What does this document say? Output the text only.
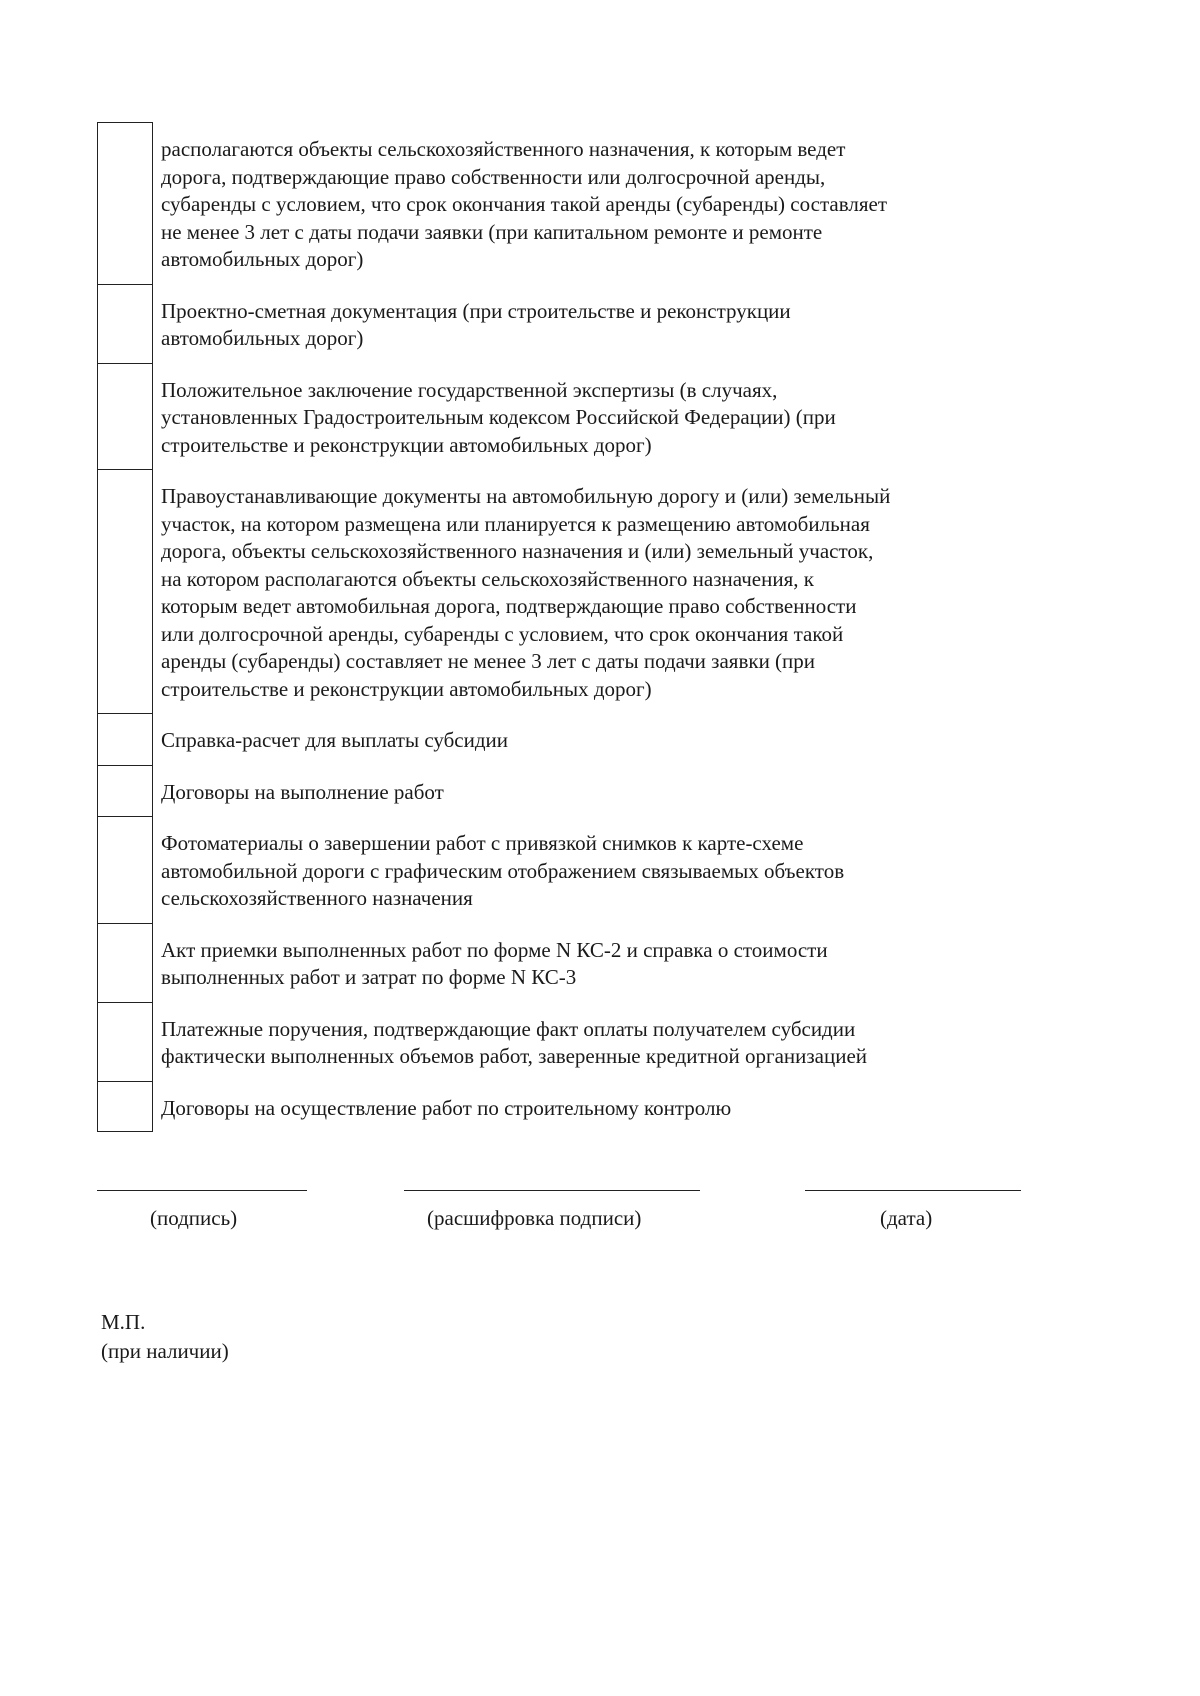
располагаются объекты сельскохозяйственного назначения, к которым ведет
дорога, подтверждающие право собственности или долгосрочной аренды,
субаренды с условием, что срок окончания такой аренды (субаренды) составляет
не менее 3 лет с даты подачи заявки (при капитальном ремонте и ремонте
автомобильных дорог)
Проектно-сметная документация (при строительстве и реконструкции
автомобильных дорог)
Положительное заключение государственной экспертизы (в случаях,
установленных Градостроительным кодексом Российской Федерации) (при
строительстве и реконструкции автомобильных дорог)
Правоустанавливающие документы на автомобильную дорогу и (или) земельный
участок, на котором размещена или планируется к размещению автомобильная
дорога, объекты сельскохозяйственного назначения и (или) земельный участок,
на котором располагаются объекты сельскохозяйственного назначения, к
которым ведет автомобильная дорога, подтверждающие право собственности
или долгосрочной аренды, субаренды с условием, что срок окончания такой
аренды (субаренды) составляет не менее 3 лет с даты подачи заявки (при
строительстве и реконструкции автомобильных дорог)
Справка-расчет для выплаты субсидии
Договоры на выполнение работ
Фотоматериалы о завершении работ с привязкой снимков к карте-схеме
автомобильной дороги с графическим отображением связываемых объектов
сельскохозяйственного назначения
Акт приемки выполненных работ по форме N КС-2 и справка о стоимости
выполненных работ и затрат по форме N КС-3
Платежные поручения, подтверждающие факт оплаты получателем субсидии
фактически выполненных объемов работ, заверенные кредитной организацией
Договоры на осуществление работ по строительному контролю
(подпись)	(расшифровка подписи)	(дата)
М.П.
(при наличии)
